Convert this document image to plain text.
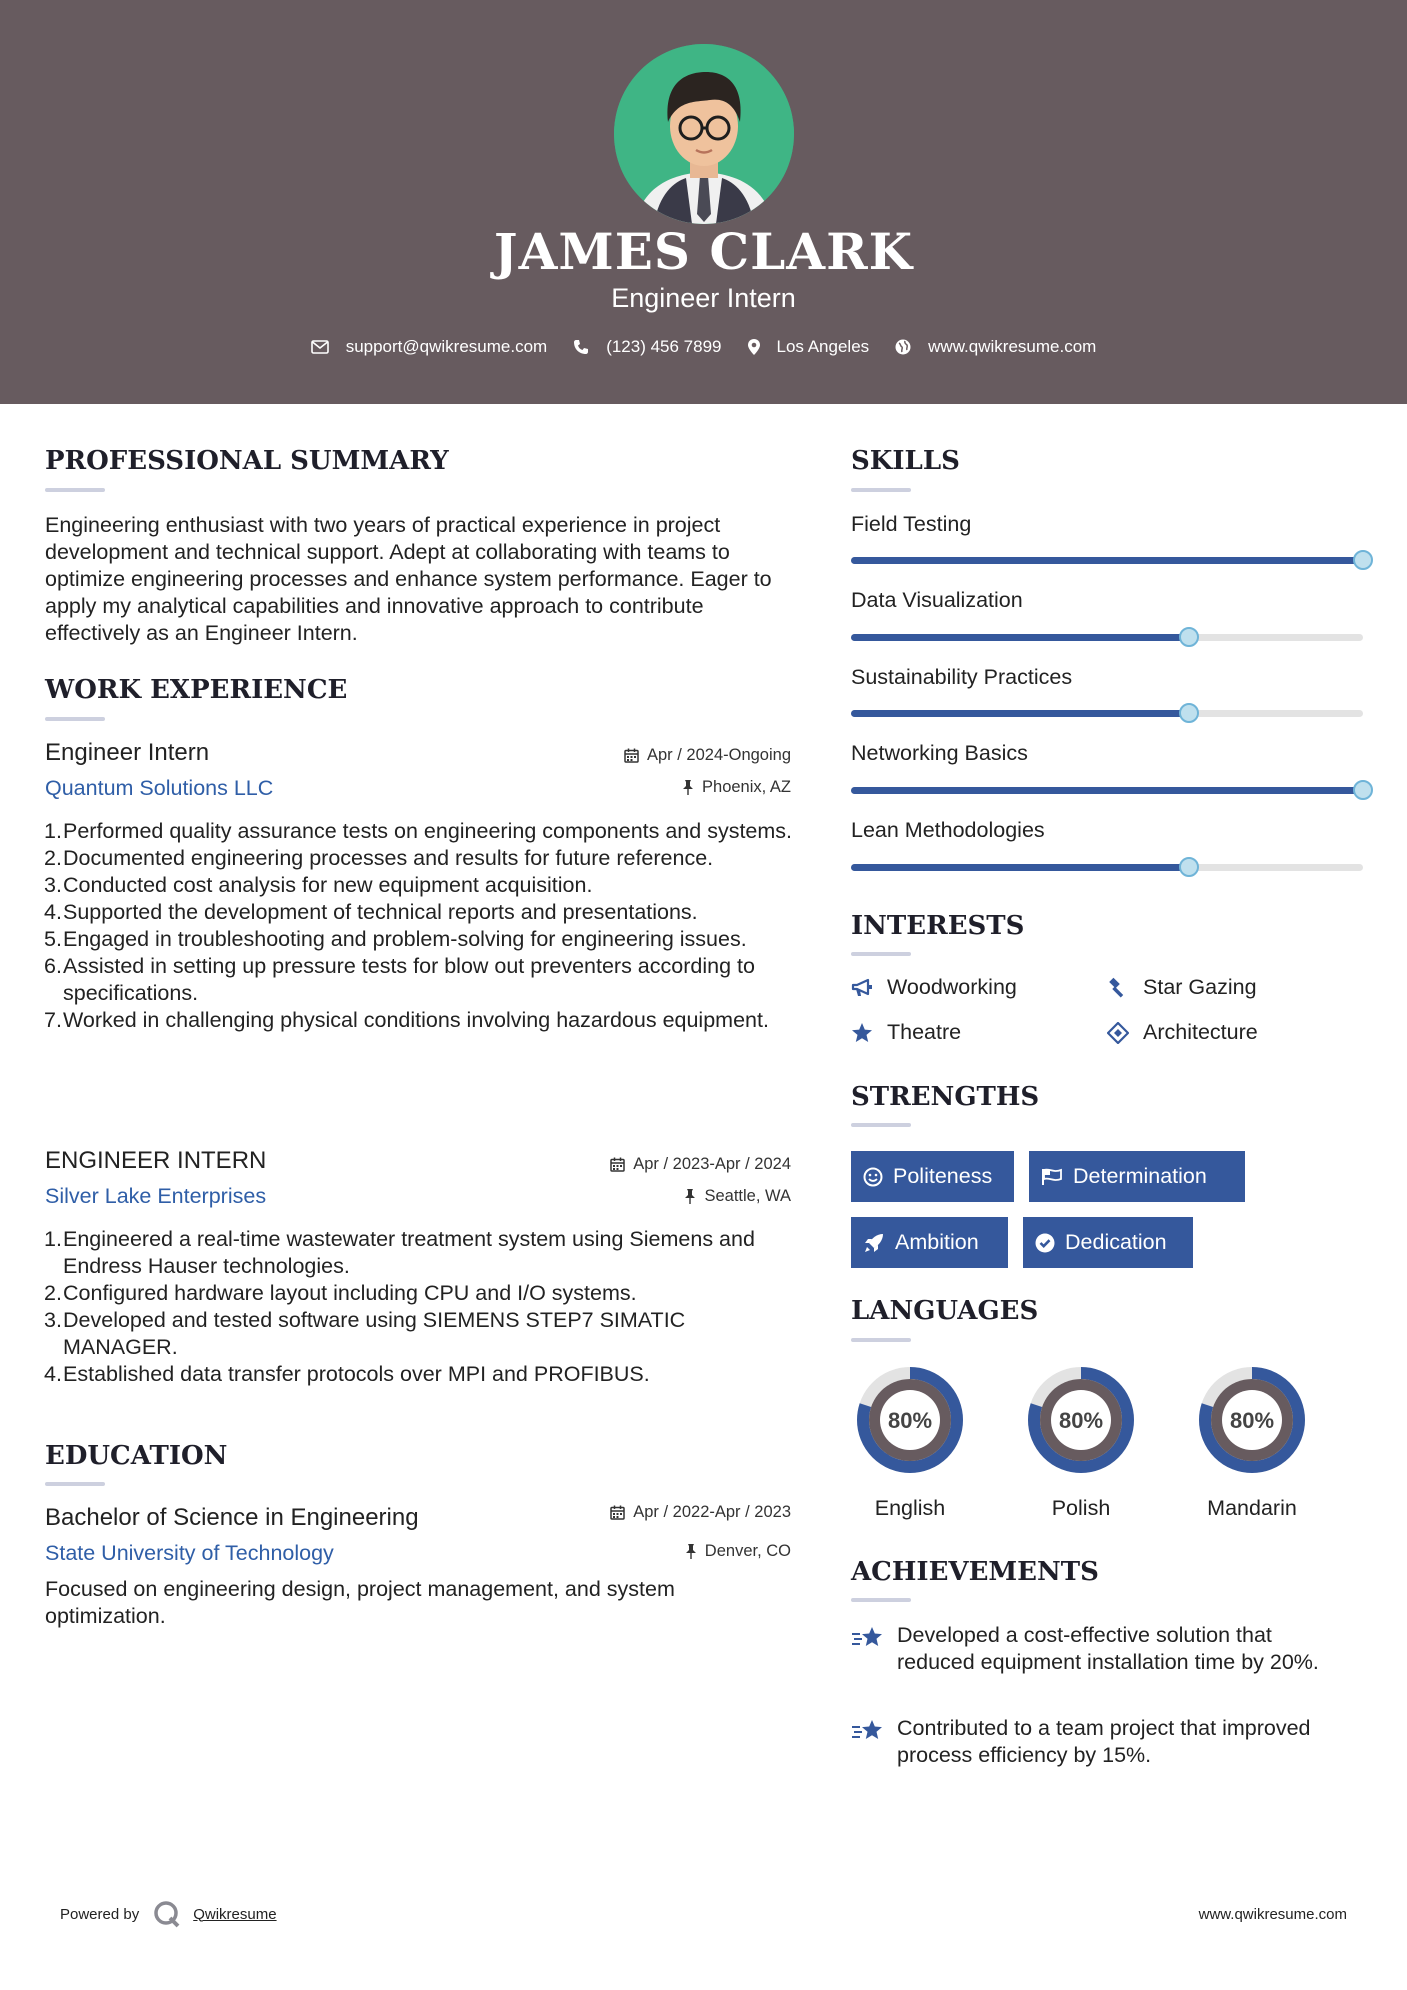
JAMES CLARK
Engineer Intern
support@qwikresume.com	(123) 456 7899	Los Angeles	www.qwikresume.com
PROFESSIONAL SUMMARY
Engineering enthusiast with two years of practical experience in project development and technical support. Adept at collaborating with teams to optimize engineering processes and enhance system performance. Eager to apply my analytical capabilities and innovative approach to contribute effectively as an Engineer Intern.
WORK EXPERIENCE
Engineer Intern
Quantum Solutions LLC
Apr / 2024-Ongoing
Phoenix, AZ
1. Performed quality assurance tests on engineering components and systems.
2. Documented engineering processes and results for future reference.
3. Conducted cost analysis for new equipment acquisition.
4. Supported the development of technical reports and presentations.
5. Engaged in troubleshooting and problem-solving for engineering issues.
6. Assisted in setting up pressure tests for blow out preventers according to specifications.
7. Worked in challenging physical conditions involving hazardous equipment.
ENGINEER INTERN
Silver Lake Enterprises
Apr / 2023-Apr / 2024
Seattle, WA
1. Engineered a real-time wastewater treatment system using Siemens and Endress Hauser technologies.
2. Configured hardware layout including CPU and I/O systems.
3. Developed and tested software using SIEMENS STEP7 SIMATIC MANAGER.
4. Established data transfer protocols over MPI and PROFIBUS.
EDUCATION
Bachelor of Science in Engineering
State University of Technology
Apr / 2022-Apr / 2023
Denver, CO
Focused on engineering design, project management, and system optimization.
SKILLS
Field Testing
Data Visualization
Sustainability Practices
Networking Basics
Lean Methodologies
INTERESTS
Woodworking	Star Gazing
Theatre	Architecture
STRENGTHS
Politeness	Determination
Ambition	Dedication
LANGUAGES
80%	80%	80%
English	Polish	Mandarin
ACHIEVEMENTS
Developed a cost-effective solution that reduced equipment installation time by 20%.
Contributed to a team project that improved process efficiency by 15%.
Powered by	Qwikresume	www.qwikresume.com
